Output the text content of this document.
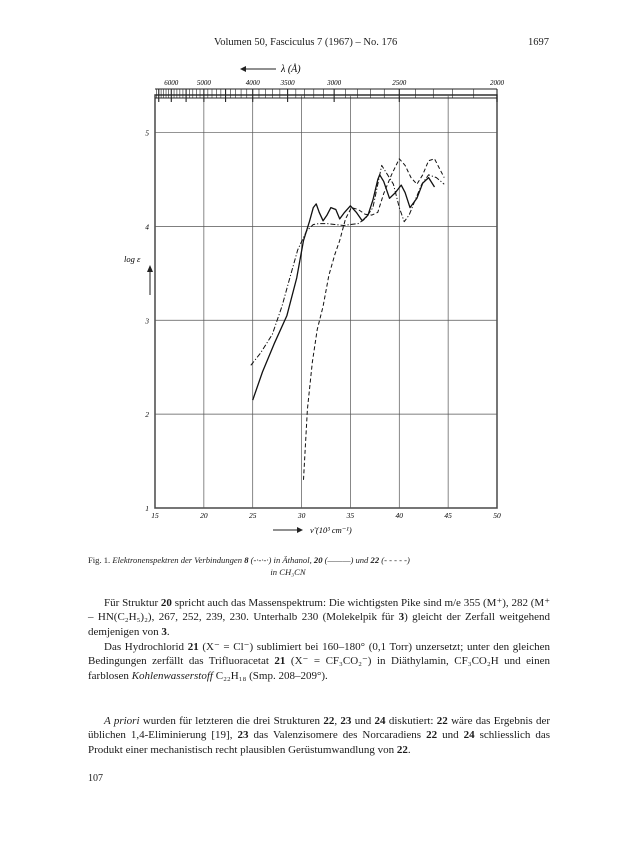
Volumen 50, Fasciculus 7 (1967) – No. 176	1697
λ (Å)
log ε
ν̃ (10³ cm⁻¹)
15	20	25	30	35	40	45	50
1
2
3
4
5
6000	5000	4000	3500	3000	2500	2000
Fig. 1. Elektronenspektren der Verbindungen 8 (-·-·-·) in Äthanol, 20 (———) und 22 (- - - - -)
in CH₃CN

Für Struktur 20 spricht auch das Massenspektrum: Die wichtigsten Pike sind m/e 355 (M⁺), 282 (M⁺ – HN(C₂H₅)₂), 267, 252, 239, 230. Unterhalb 230 (Molekelpik für 3) gleicht der Zerfall weitgehend demjenigen von 3.

Das Hydrochlorid 21 (X⁻ = Cl⁻) sublimiert bei 160–180° (0,1 Torr) unzersetzt; unter den gleichen Bedingungen zerfällt das Trifluoracetat 21 (X⁻ = CF₃CO₂⁻) in Diäthylamin, CF₃CO₂H und einen farblosen Kohlenwasserstoff C₂₂H₁₈ (Smp. 208–209°).

A priori wurden für letzteren die drei Strukturen 22, 23 und 24 diskutiert: 22 wäre das Ergebnis der üblichen 1,4-Eliminierung [19], 23 das Valenzisomere des Norcaradiens 22 und 24 schliesslich das Produkt einer mechanistisch recht plausiblen Gerüstumwandlung von 22.

107
